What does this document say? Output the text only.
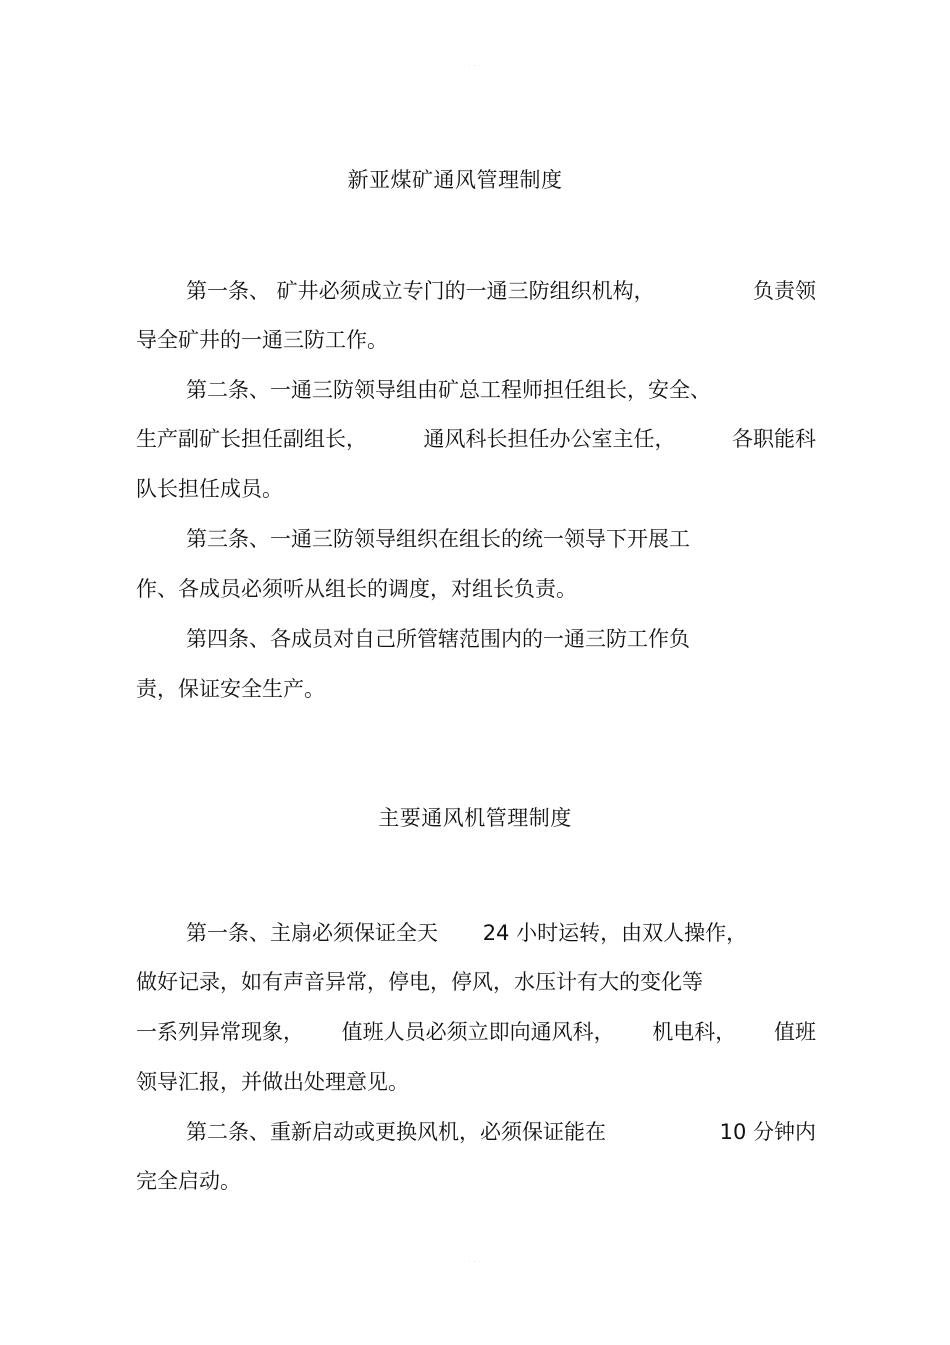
· · ·
新亚煤矿通风管理制度
第一条、 矿井必须成立专门的一通三防组织机构，	负责领
导全矿井的一通三防工作。
第二条、一通三防领导组由矿总工程师担任组长，安全、
生产副矿长担任副组长，	通风科长担任办公室主任，	各职能科
队长担任成员。
第三条、一通三防领导组织在组长的统一领导下开展工
作、各成员必须听从组长的调度，对组长负责。
第四条、各成员对自己所管辖范围内的一通三防工作负
责，保证安全生产。
主要通风机管理制度
第一条、主扇必须保证全天 24 小时运转，由双人操作，
做好记录，如有声音异常，停电，停风，水压计有大的变化等
一系列异常现象， 值班人员必须立即向通风科， 机电科， 值班
领导汇报，并做出处理意见。
第二条、重新启动或更换风机，必须保证能在	10 分钟内
完全启动。
· · ·
